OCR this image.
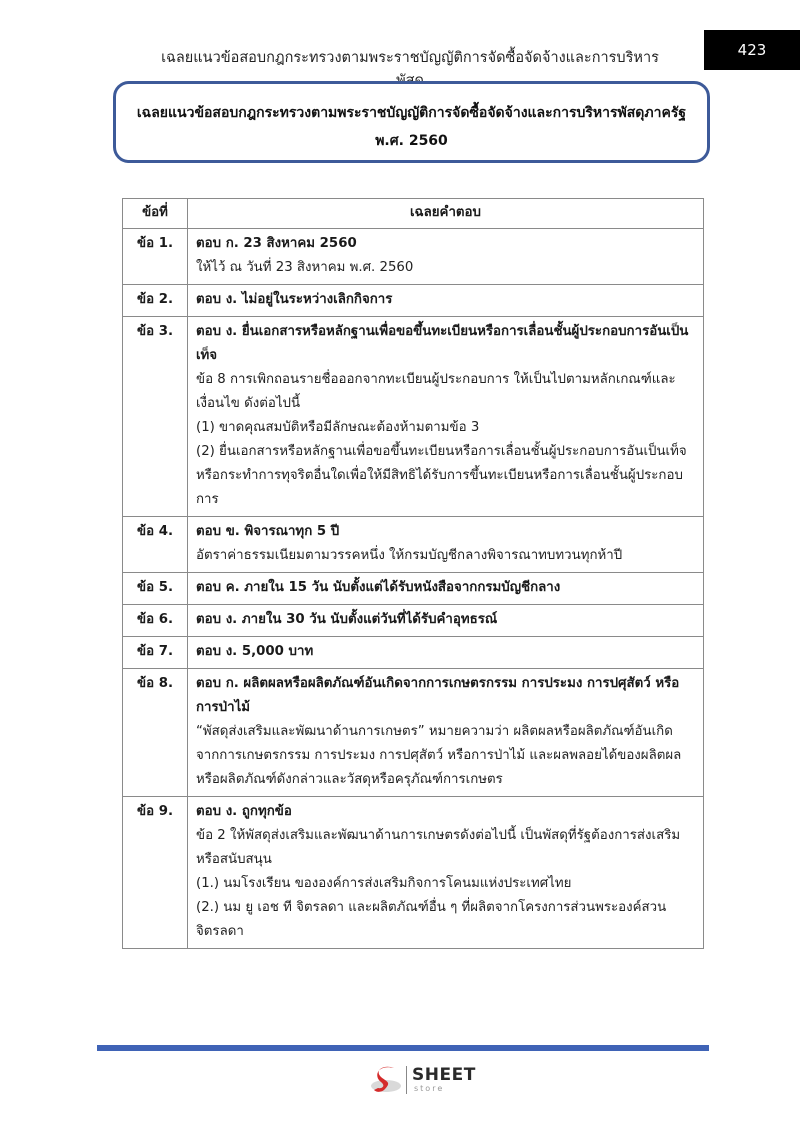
เฉลยแนวข้อสอบกฎกระทรวงตามพระราชบัญญัติการจัดซื้อจัดจ้างและการบริหาร	423
เฉลยแนวข้อสอบกฎกระทรวงตามพระราชบัญญัติการจัดซื้อจัดจ้างและการบริหารพัสดุภาครัฐ พ.ศ. 2560
ข้อที่	เฉลยคำตอบ
ข้อ 1.	ตอบ ก. 23 สิงหาคม 2560
ให้ไว้ ณ วันที่ 23 สิงหาคม พ.ศ. 2560

ข้อ 2.	ตอบ ง. ไม่อยู่ในระหว่างเลิกกิจการ

ข้อ 3.	ตอบ ง. ยื่นเอกสารหรือหลักฐานเพื่อขอขึ้นทะเบียนหรือการเลื่อนชั้นผู้ประกอบการอันเป็นเท็จ
ข้อ 8 การเพิกถอนรายชื่อออกจากทะเบียนผู้ประกอบการ ให้เป็นไปตามหลักเกณฑ์และเงื่อนไข ดังต่อไปนี้
(1) ขาดคุณสมบัติหรือมีลักษณะต้องห้ามตามข้อ 3
(2) ยื่นเอกสารหรือหลักฐานเพื่อขอขึ้นทะเบียนหรือการเลื่อนชั้นผู้ประกอบการอันเป็นเท็จหรือกระทำการทุจริตอื่นใดเพื่อให้มีสิทธิได้รับการขึ้นทะเบียนหรือการเลื่อนชั้นผู้ประกอบการ

ข้อ 4.	ตอบ ข. พิจารณาทุก 5 ปี
อัตราค่าธรรมเนียมตามวรรคหนึ่ง ให้กรมบัญชีกลางพิจารณาทบทวนทุกห้าปี

ข้อ 5.	ตอบ ค. ภายใน 15 วัน นับตั้งแต่ได้รับหนังสือจากกรมบัญชีกลาง

ข้อ 6.	ตอบ ง. ภายใน 30 วัน นับตั้งแต่วันที่ได้รับคำอุทธรณ์

ข้อ 7.	ตอบ ง. 5,000 บาท

ข้อ 8.	ตอบ ก. ผลิตผลหรือผลิตภัณฑ์อันเกิดจากการเกษตรกรรม การประมง การปศุสัตว์ หรือการป่าไม้
“พัสดุส่งเสริมและพัฒนาด้านการเกษตร” หมายความว่า ผลิตผลหรือผลิตภัณฑ์อันเกิดจากการเกษตรกรรม การประมง การปศุสัตว์ หรือการป่าไม้ และผลพลอยได้ของผลิตผลหรือผลิตภัณฑ์ดังกล่าวและวัสดุหรือครุภัณฑ์การเกษตร

ข้อ 9.	ตอบ ง. ถูกทุกข้อ
ข้อ 2 ให้พัสดุส่งเสริมและพัฒนาด้านการเกษตรดังต่อไปนี้ เป็นพัสดุที่รัฐต้องการส่งเสริมหรือสนับสนุน
(1.) นมโรงเรียน ขององค์การส่งเสริมกิจการโคนมแห่งประเทศไทย
(2.) นม ยู เอช ที จิตรลดา และผลิตภัณฑ์อื่น ๆ ที่ผลิตจากโครงการส่วนพระองค์สวนจิตรลดา
SHEET
store
